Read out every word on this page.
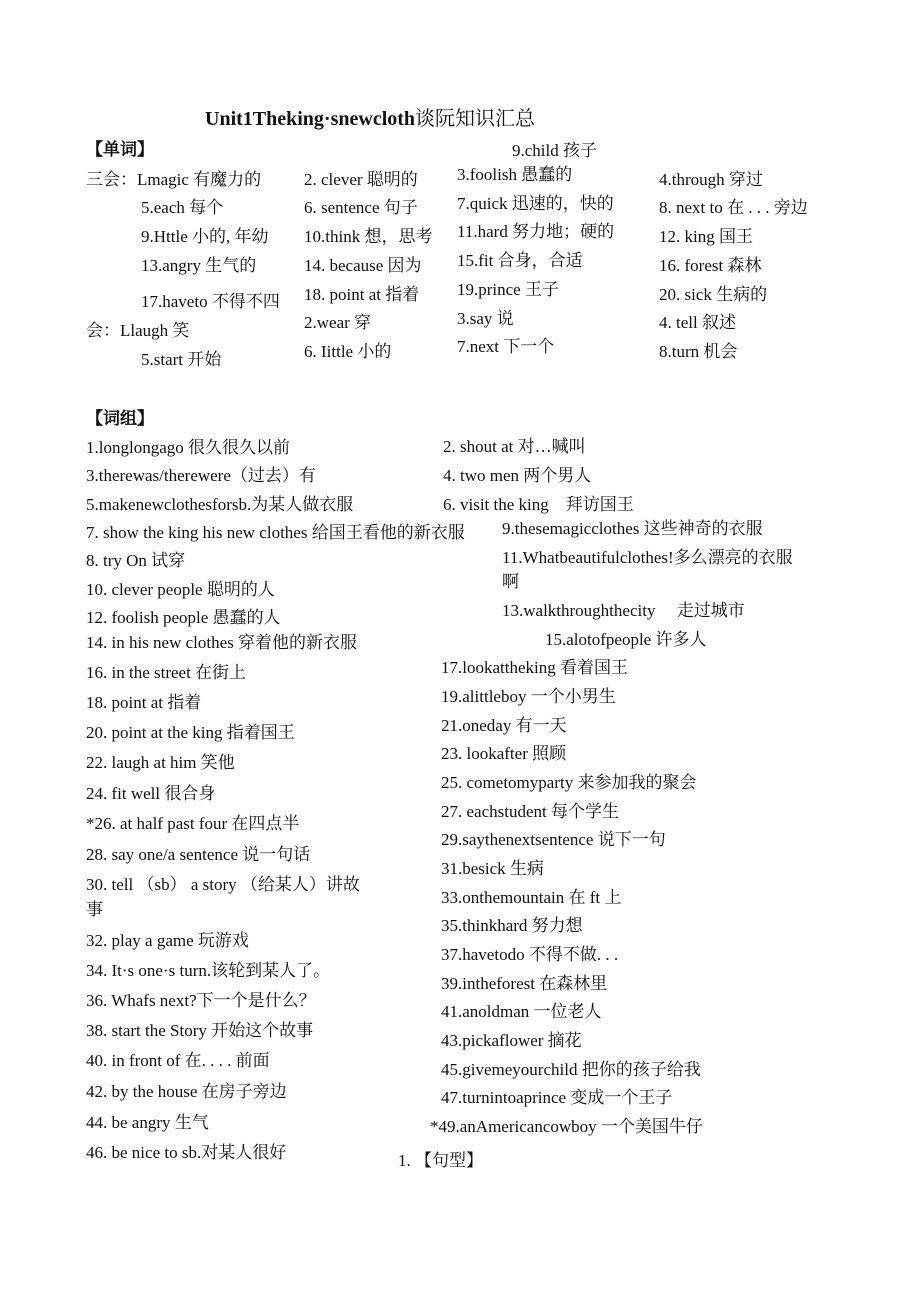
Unit1Theking·snewcloth谈阮知识汇总
【单词】	9.child 孩子
三会：Lmagic 有魔力的	2. clever 聪明的 3.foolish 愚蠢的	4.through 穿过
5.each 每个	6. sentence 句子 7.quick 迅速的，快的	8. next to 在 . . . 旁边
9.Httle 小的, 年幼 10.think 想，思考 11.hard 努力地；硬的	12. king 国王
13.angry 生气的	14. because 因为 15.fit 合身，合适	16. forest 森林
17.haveto 不得不四 18. point at 指着 19.prince 王子	20. sick 生病的
会：Llaugh 笑	2.wear 穿	3.say 说	4. tell 叙述
5.start 开始	6. Iittle 小的	7.next 下一个	8.turn 机会
【词组】
1.longlongago 很久很久以前
3.therewas/therewere（过去）有
5.makenewclothesforsb.为某人做衣服
7. show the king his new clothes 给国王看他的新衣服
8. try On 试穿
10. clever people 聪明的人
12. foolish people 愚蠢的人
14. in his new clothes 穿着他的新衣服
16. in the street 在街上
18. point at 指着
20. point at the king 指着国王
22. laugh at him 笑他
24. fit well 很合身
*26. at half past four 在四点半
28. say one/a sentence 说一句话
30. tell （sb） a story （给某人）讲故
事
32. play a game 玩游戏
34. It·s one·s turn.该轮到某人了。
36. Whafs next?下一个是什么？
38. start the Story 开始这个故事
40. in front of 在. . . . 前面
42. by the house 在房子旁边
44. be angry 生气
46. be nice to sb.对某人很好
2. shout at 对…喊叫
4. two men 两个男人
6. visit the king　拜访国王
9.thesemagicclothes 这些神奇的衣服
11.Whatbeautifulclothes!多么漂亮的衣服
啊
13.walkthroughthecity　 走过城市
15.alotofpeople 许多人
17.lookattheking 看着国王
19.alittleboy 一个小男生
21.oneday 有一天
23. lookafter 照顾
25. cometomyparty 来参加我的聚会
27. eachstudent 每个学生
29.saythenextsentence 说下一句
31.besick 生病
33.onthemountain 在 ft 上
35.thinkhard 努力想
37.havetodo 不得不做. . .
39.intheforest 在森林里
41.anoldman 一位老人
43.pickaflower 摘花
45.givemeyourchild 把你的孩子给我
47.turnintoaprince 变成一个王子
*49.anAmericancowboy 一个美国牛仔
1. 【句型】
